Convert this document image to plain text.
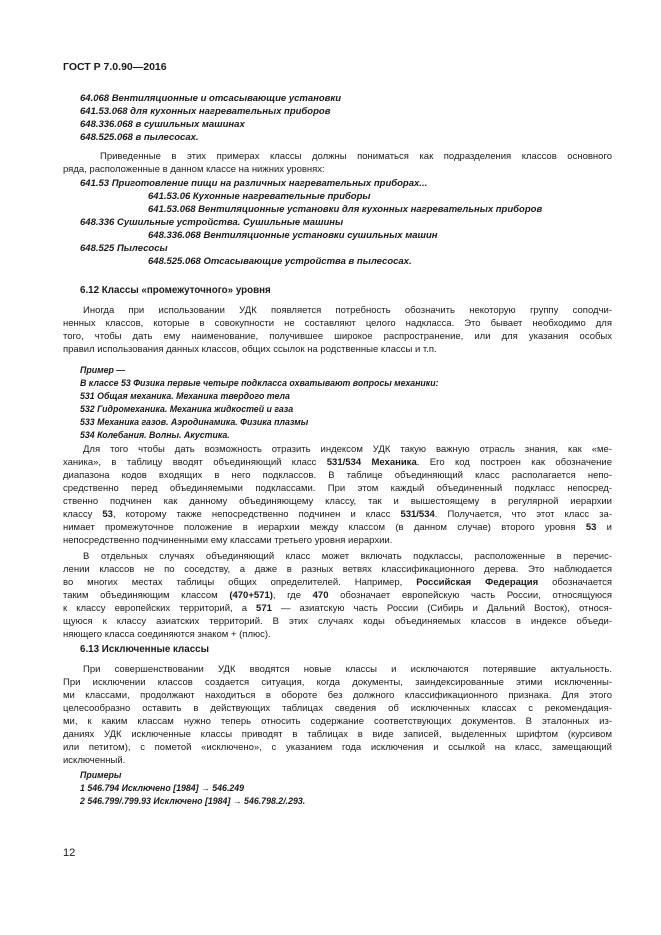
ГОСТ Р 7.0.90—2016
64.068 Вентиляционные и отсасывающие установки
641.53.068 для кухонных нагревательных приборов
648.336.068 в сушильных машинах
648.525.068 в пылесосах.
Приведенные в этих примерах классы должны пониматься как подразделения классов основного
ряда, расположенные в данном классе на нижних уровнях:
641.53 Приготовление пищи на различных нагревательных приборах...
641.53.06 Кухонные нагревательные приборы
641.53.068 Вентиляционные установки для кухонных нагревательных приборов
648.336 Сушильные устройства. Сушильные машины
648.336.068 Вентиляционные установки сушильных машин
648.525 Пылесосы
648.525.068 Отсасывающие устройства в пылесосах.
6.12 Классы «промежуточного» уровня
Иногда при использовании УДК появляется потребность обозначить некоторую группу соподчи-
ненных классов, которые в совокупности не составляют целого надкласса. Это бывает необходимо для
того, чтобы дать ему наименование, получившее широкое распространение, или для указания особых
правил использования данных классов, общих ссылок на родственные классы и т.п.
Пример —
В классе 53 Физика первые четыре подкласса охватывают вопросы механики:
531 Общая механика. Механика твердого тела
532 Гидромеханика. Механика жидкостей и газа
533 Механика газов. Аэродинамика. Физика плазмы
534 Колебания. Волны. Акустика.
Для того чтобы дать возможность отразить индексом УДК такую важную отрасль знания, как «ме-
ханика», в таблицу вводят объединяющий класс 531/534 Механика. Его код построен как обозначение
диапазона кодов входящих в него подклассов. В таблице объединяющий класс располагается непо-
средственно перед объединяемыми подклассами. При этом каждый объединенный подкласс непосред-
ственно подчинен как данному объединяющему классу, так и вышестоящему в регулярной иерархии
классу 53, которому также непосредственно подчинен и класс 531/534. Получается, что этот класс за-
нимает промежуточное положение в иерархии между классом (в данном случае) второго уровня 53 и
непосредственно подчиненными ему классами третьего уровня иерархии.
В отдельных случаях объединяющий класс может включать подклассы, расположенные в перечис-
лении классов не по соседству, а даже в разных ветвях классификационного дерева. Это наблюдается
во многих местах таблицы общих определителей. Например, Российская Федерация обозначается
таким объединяющим классом (470+571), где 470 обозначает европейскую часть России, относящуюся
к классу европейских территорий, а 571 — азиатскую часть России (Сибирь и Дальний Восток), относя-
щуюся к классу азиатских территорий. В этих случаях коды объединяемых классов в индексе объеди-
няющего класса соединяются знаком + (плюс).
6.13 Исключенные классы
При совершенствовании УДК вводятся новые классы и исключаются потерявшие актуальность.
При исключении классов создается ситуация, когда документы, заиндексированные этими исключенны-
ми классами, продолжают находиться в обороте без должного классификационного признака. Для этого
целесообразно оставить в действующих таблицах сведения об исключенных классах с рекомендация-
ми, к каким классам нужно теперь относить содержание соответствующих документов. В эталонных из-
даниях УДК исключенные классы приводят в таблицах в виде записей, выделенных шрифтом (курсивом
или петитом), с пометой «исключено», с указанием года исключения и ссылкой на класс, замещающий
исключенный.
Примеры
1 546.794 Исключено [1984] → 546.249
2 546.799/.799.93 Исключено [1984] → 546.798.2/.293.
12
